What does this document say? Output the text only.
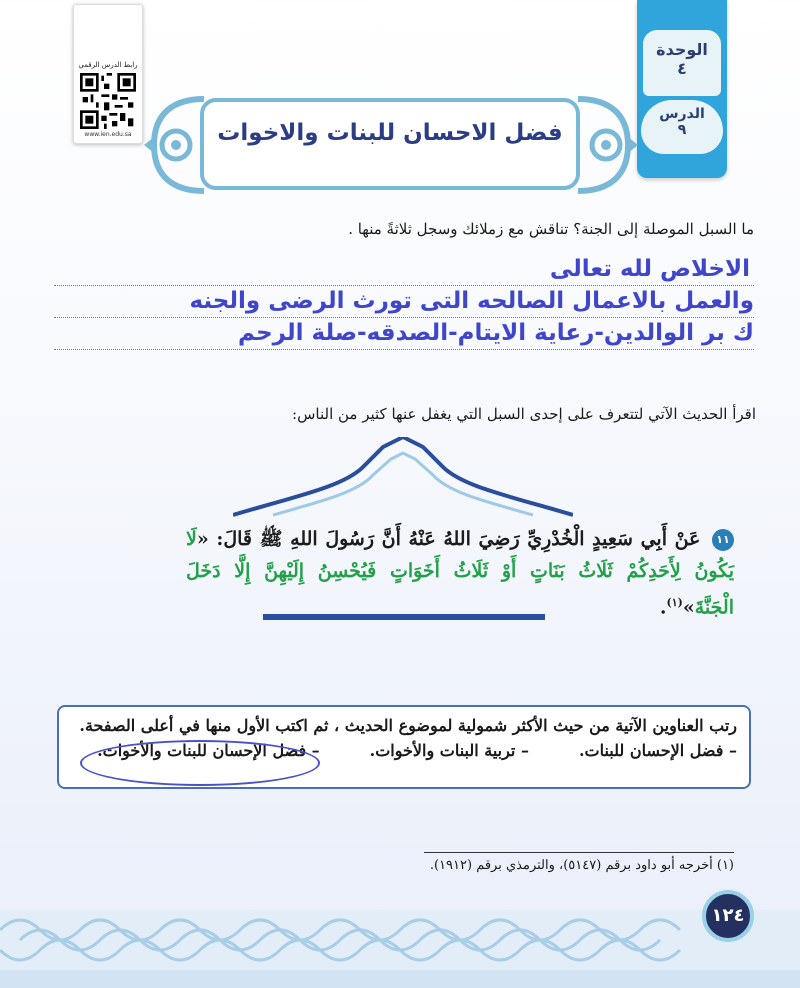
رابط الدرس الرقمي
www.ien.edu.sa
الوحدة
٤
الدرس
٩
فضل الاحسان للبنات والاخوات
ما السبل الموصلة إلى الجنة؟ تناقش مع زملائك وسجل ثلاثةً منها .
الاخلاص لله تعالى
والعمل بالاعمال الصالحه التى تورث الرضى والجنه
ك بر الوالدين-رعاية الايتام-الصدقه-صلة الرحم
اقرأ الحديث الآتي لتتعرف على إحدى السبل التي يغفل عنها كثير من الناس:
١١ عَنْ أَبِي سَعِيدٍ الْخُدْرِيِّ رَضِيَ اللهُ عَنْهُ أَنَّ رَسُولَ اللهِ ﷺ قَالَ: «لَا يَكُونُ لِأَحَدِكُمْ ثَلَاثُ بَنَاتٍ أَوْ ثَلَاثُ أَخَوَاتٍ فَيُحْسِنُ إِلَيْهِنَّ إِلَّا دَخَلَ الْجَنَّةَ»$^{(١)}$.
رتب العناوين الآتية من حيث الأكثر شمولية لموضوع الحديث ، ثم اكتب الأول منها في أعلى الصفحة.
– فضل الإحسان للبنات.
– تربية البنات والأخوات.
– فضل الإحسان للبنات والأخوات.
(١) أخرجه أبو داود برقم (٥١٤٧)، والترمذي برقم (١٩١٢).
١٢٤
